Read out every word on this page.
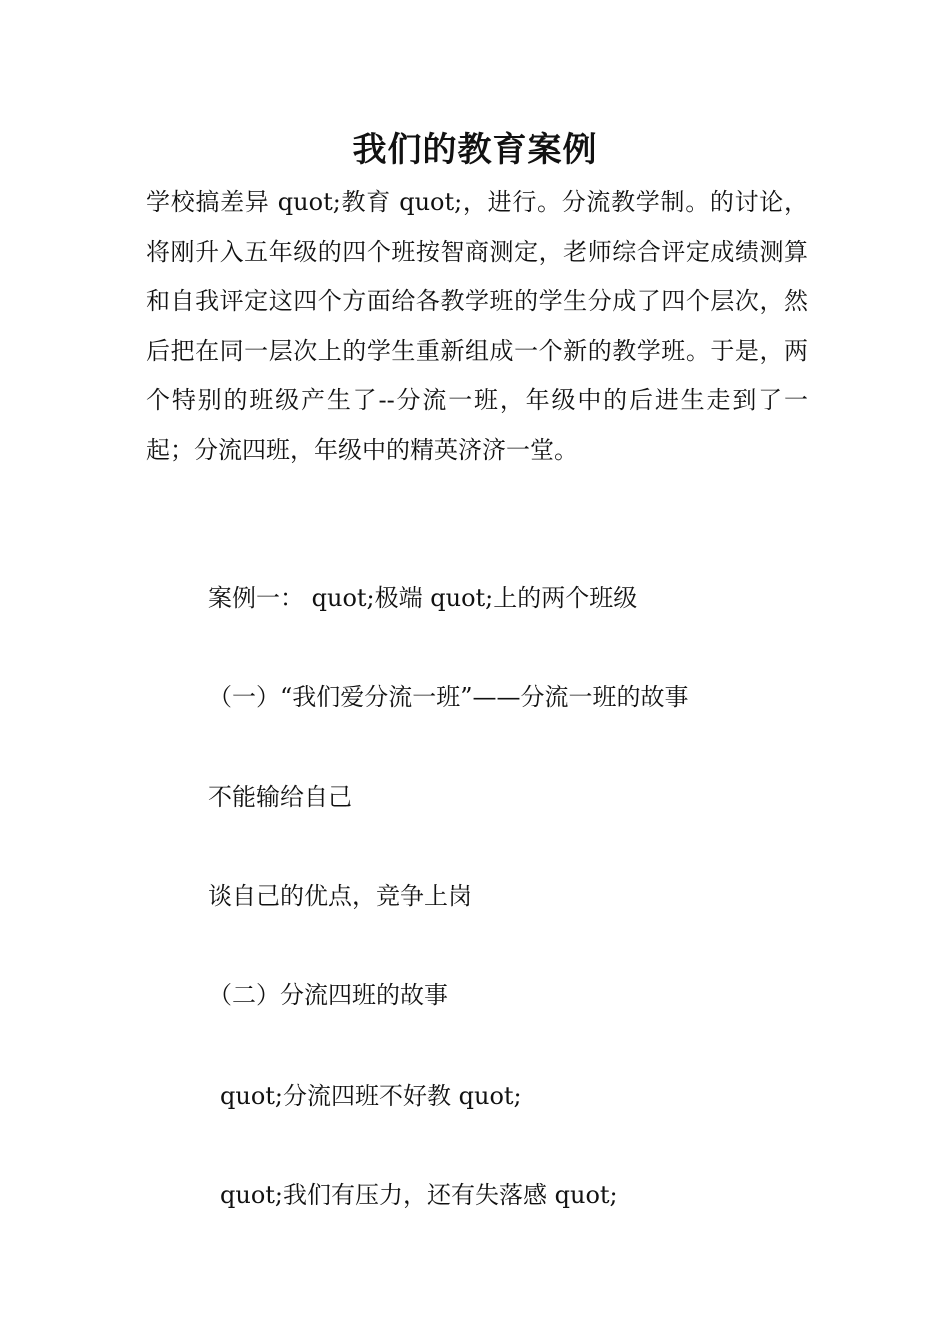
我们的教育案例

学校搞差异 quot;教育 quot;，进行。分流教学制。的讨论，将刚升入五年级的四个班按智商测定，老师综合评定成绩测算和自我评定这四个方面给各教学班的学生分成了四个层次，然后把在同一层次上的学生重新组成一个新的教学班。于是，两个特别的班级产生了--分流一班，年级中的后进生走到了一起；分流四班，年级中的精英济济一堂。

案例一： quot;极端 quot;上的两个班级
（一）“我们爱分流一班”——分流一班的故事
不能输给自己
谈自己的优点，竞争上岗
（二）分流四班的故事
quot;分流四班不好教 quot;
quot;我们有压力，还有失落感 quot;
